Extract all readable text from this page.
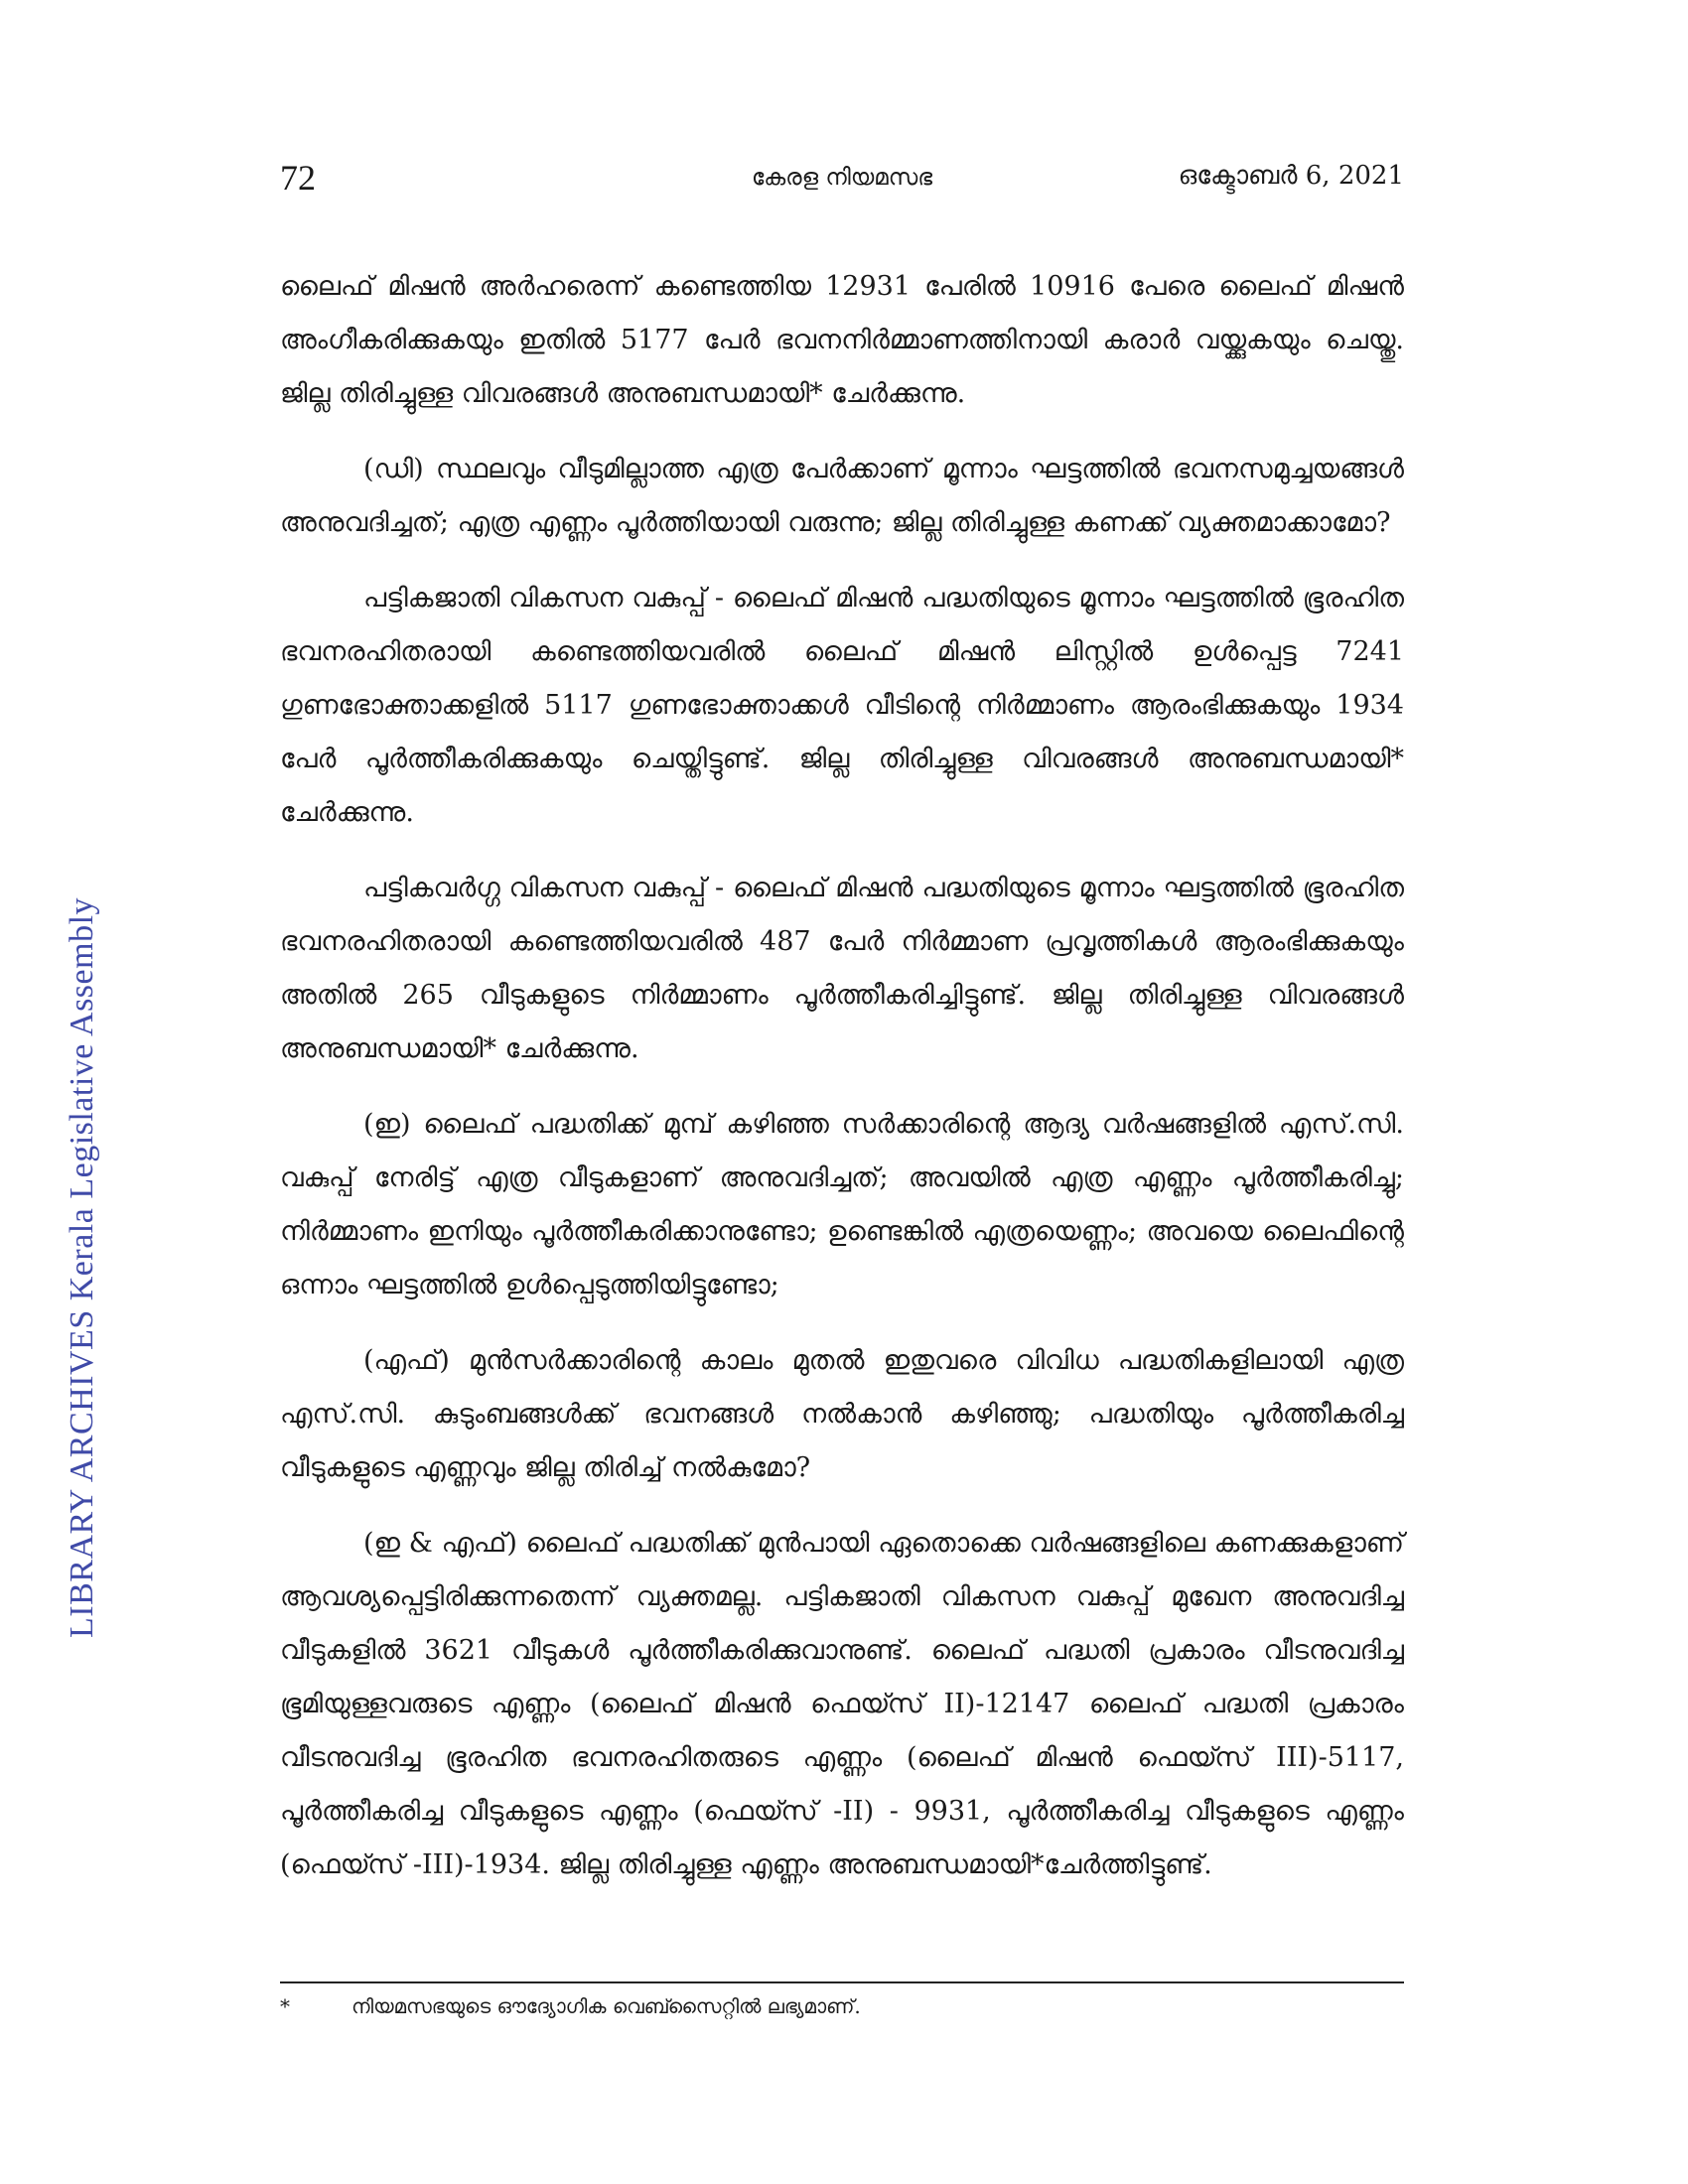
LIBRARY ARCHIVES Kerala Legislative Assembly
72	കേരള നിയമസഭ	ഒക്ടോബർ 6, 2021

ലൈഫ് മിഷൻ അർഹരെന്ന് കണ്ടെത്തിയ 12931 പേരിൽ 10916 പേരെ ലൈഫ് മിഷൻ അംഗീകരിക്കുകയും ഇതിൽ 5177 പേർ ഭവനനിർമ്മാണത്തിനായി കരാർ വയ്ക്കുകയും ചെയ്തു. ജില്ല തിരിച്ചുള്ള വിവരങ്ങൾ അനുബന്ധമായി* ചേർക്കുന്നു.

(ഡി) സ്ഥലവും വീടുമില്ലാത്ത എത്ര പേർക്കാണ് മൂന്നാം ഘട്ടത്തിൽ ഭവനസമുച്ചയങ്ങൾ അനുവദിച്ചത്; എത്ര എണ്ണം പൂർത്തിയായി വരുന്നു; ജില്ല തിരിച്ചുള്ള കണക്ക് വ്യക്തമാക്കാമോ?

പട്ടികജാതി വികസന വകുപ്പ് - ലൈഫ് മിഷൻ പദ്ധതിയുടെ മൂന്നാം ഘട്ടത്തിൽ ഭൂരഹിത ഭവനരഹിതരായി കണ്ടെത്തിയവരിൽ ലൈഫ് മിഷൻ ലിസ്റ്റിൽ ഉൾപ്പെട്ട 7241 ഗുണഭോക്താക്കളിൽ 5117 ഗുണഭോക്താക്കൾ വീടിന്റെ നിർമ്മാണം ആരംഭിക്കുകയും 1934 പേർ പൂർത്തീകരിക്കുകയും ചെയ്തിട്ടുണ്ട്. ജില്ല തിരിച്ചുള്ള വിവരങ്ങൾ അനുബന്ധമായി* ചേർക്കുന്നു.

പട്ടികവർഗ്ഗ വികസന വകുപ്പ് - ലൈഫ് മിഷൻ പദ്ധതിയുടെ മൂന്നാം ഘട്ടത്തിൽ ഭൂരഹിത ഭവനരഹിതരായി കണ്ടെത്തിയവരിൽ 487 പേർ നിർമ്മാണ പ്രവൃത്തികൾ ആരംഭിക്കുകയും അതിൽ 265 വീടുകളുടെ നിർമ്മാണം പൂർത്തീകരിച്ചിട്ടുണ്ട്. ജില്ല തിരിച്ചുള്ള വിവരങ്ങൾ അനുബന്ധമായി* ചേർക്കുന്നു.

(ഇ) ലൈഫ് പദ്ധതിക്ക് മുമ്പ് കഴിഞ്ഞ സർക്കാരിന്റെ ആദ്യ വർഷങ്ങളിൽ എസ്.സി. വകുപ്പ് നേരിട്ട് എത്ര വീടുകളാണ് അനുവദിച്ചത്; അവയിൽ എത്ര എണ്ണം പൂർത്തീകരിച്ചു; നിർമ്മാണം ഇനിയും പൂർത്തീകരിക്കാനുണ്ടോ; ഉണ്ടെങ്കിൽ എത്രയെണ്ണം; അവയെ ലൈഫിന്റെ ഒന്നാം ഘട്ടത്തിൽ ഉൾപ്പെടുത്തിയിട്ടുണ്ടോ;

(എഫ്) മുൻസർക്കാരിന്റെ കാലം മുതൽ ഇതുവരെ വിവിധ പദ്ധതികളിലായി എത്ര എസ്.സി. കുടുംബങ്ങൾക്ക് ഭവനങ്ങൾ നൽകാൻ കഴിഞ്ഞു; പദ്ധതിയും പൂർത്തീകരിച്ച വീടുകളുടെ എണ്ണവും ജില്ല തിരിച്ച് നൽകുമോ?

(ഇ & എഫ്) ലൈഫ് പദ്ധതിക്ക് മുൻപായി ഏതൊക്കെ വർഷങ്ങളിലെ കണക്കുകളാണ് ആവശ്യപ്പെട്ടിരിക്കുന്നതെന്ന് വ്യക്തമല്ല. പട്ടികജാതി വികസന വകുപ്പ് മുഖേന അനുവദിച്ച വീടുകളിൽ 3621 വീടുകൾ പൂർത്തീകരിക്കുവാനുണ്ട്. ലൈഫ് പദ്ധതി പ്രകാരം വീടനുവദിച്ച ഭൂമിയുള്ളവരുടെ എണ്ണം (ലൈഫ് മിഷൻ ഫെയ്സ് II)-12147 ലൈഫ് പദ്ധതി പ്രകാരം വീടനുവദിച്ച ഭൂരഹിത ഭവനരഹിതരുടെ എണ്ണം (ലൈഫ് മിഷൻ ഫെയ്സ് III)-5117, പൂർത്തീകരിച്ച വീടുകളുടെ എണ്ണം (ഫെയ്സ് -II) - 9931, പൂർത്തീകരിച്ച വീടുകളുടെ എണ്ണം (ഫെയ്സ് -III)-1934. ജില്ല തിരിച്ചുള്ള എണ്ണം അനുബന്ധമായി*ചേർത്തിട്ടുണ്ട്.

*	നിയമസഭയുടെ ഔദ്യോഗിക വെബ്സൈറ്റിൽ ലഭ്യമാണ്.
